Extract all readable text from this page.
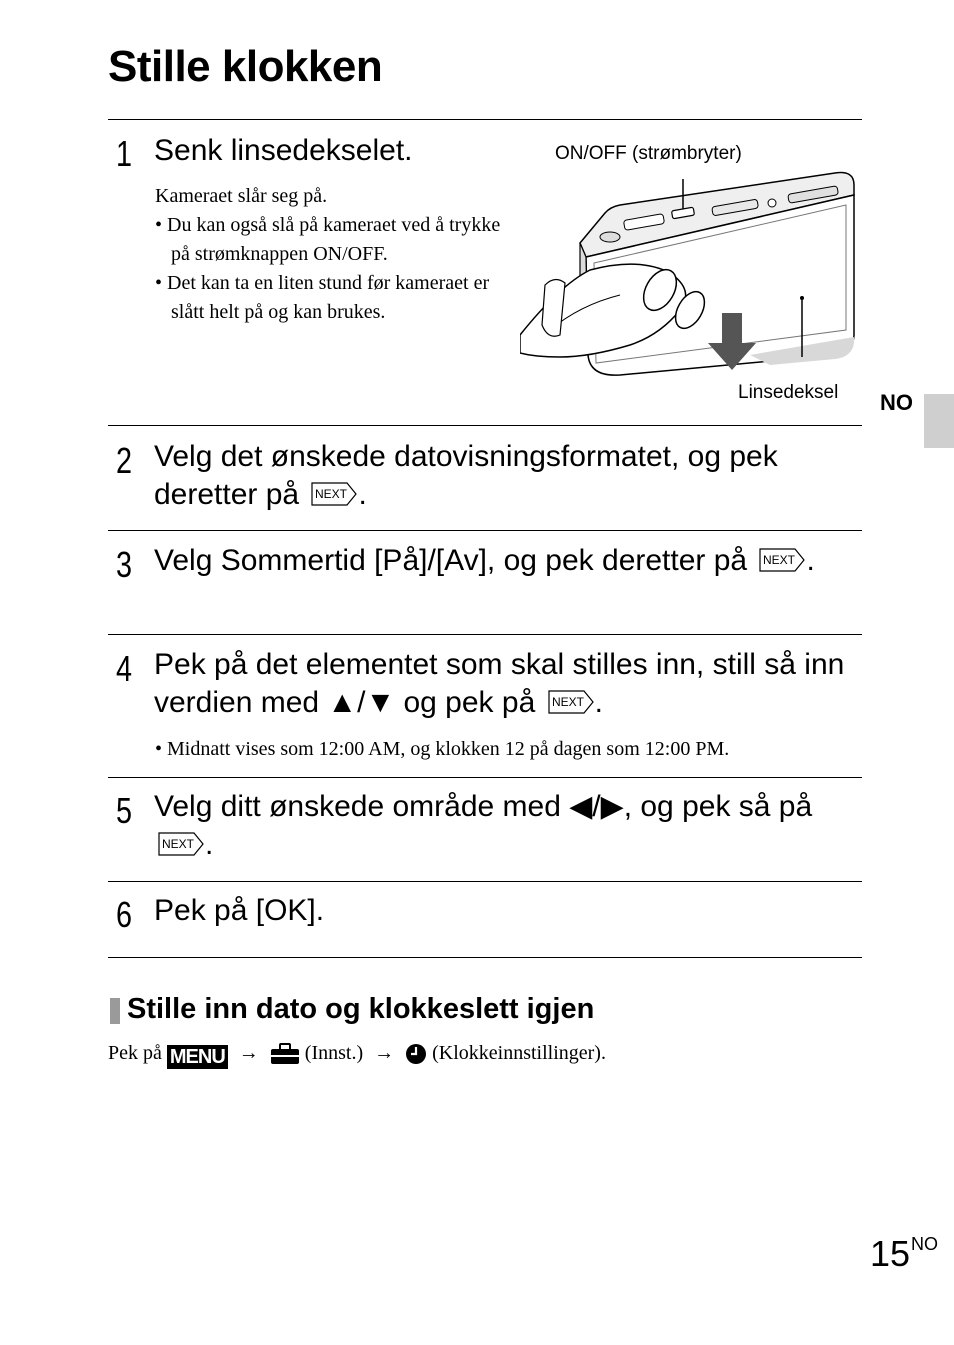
Stille klokken
1 Senk linsedekselet.
Kameraet slår seg på.
• Du kan også slå på kameraet ved å trykke på strømknappen ON/OFF.
• Det kan ta en liten stund før kameraet er slått helt på og kan brukes.
ON/OFF (strømbryter)
Linsedeksel NO
2 Velg det ønskede datovisningsformatet, og pek deretter på NEXT .
3 Velg Sommertid [På]/[Av], og pek deretter på NEXT .
4 Pek på det elementet som skal stilles inn, still så inn verdien med ▲/▼ og pek på NEXT .
• Midnatt vises som 12:00 AM, og klokken 12 på dagen som 12:00 PM.
5 Velg ditt ønskede område med ◀/▶, og pek så på
NEXT .
6 Pek på [OK].
Stille inn dato og klokkeslett igjen
Pek på MENU → (Innst.) → (Klokkeinnstillinger).
$15^{NO}$
